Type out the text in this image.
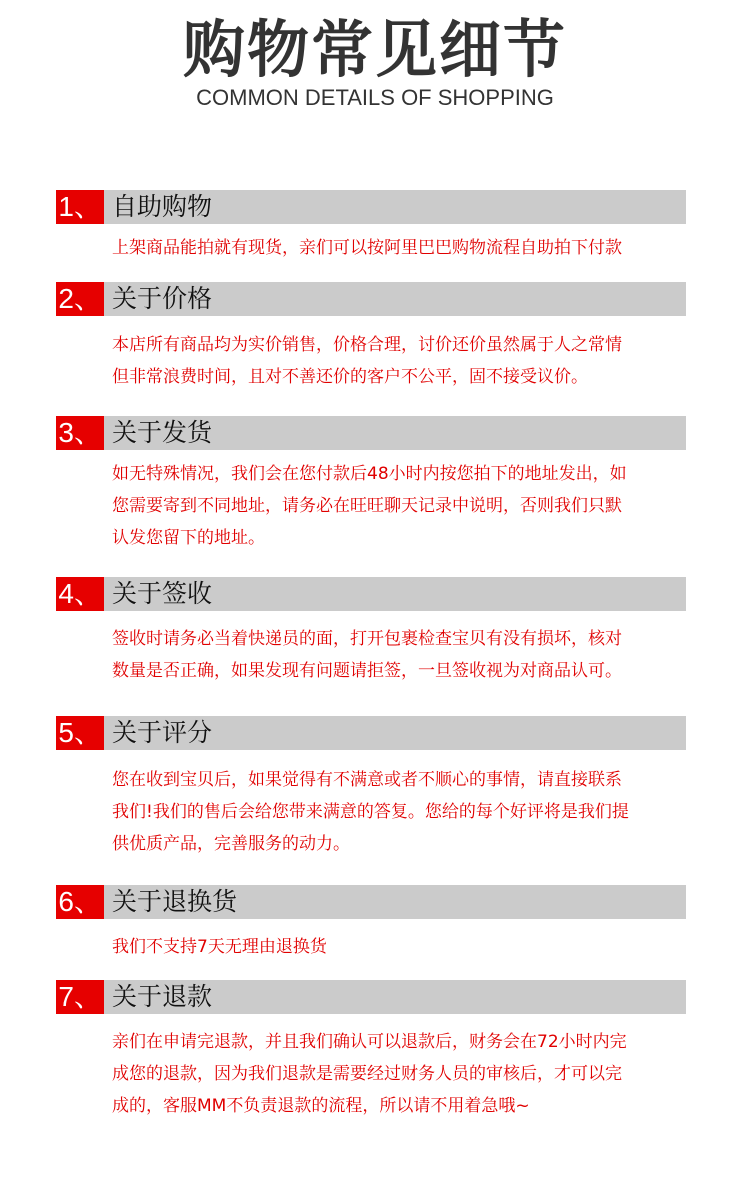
购物常见细节
COMMON DETAILS OF SHOPPING
1、 自助购物
上架商品能拍就有现货，亲们可以按阿里巴巴购物流程自助拍下付款
2、 关于价格
本店所有商品均为实价销售，价格合理，讨价还价虽然属于人之常情
但非常浪费时间，且对不善还价的客户不公平，固不接受议价。
3、 关于发货
如无特殊情况，我们会在您付款后48小时内按您拍下的地址发出，如
您需要寄到不同地址，请务必在旺旺聊天记录中说明，否则我们只默
认发您留下的地址。
4、 关于签收
签收时请务必当着快递员的面，打开包裹检查宝贝有没有损坏，核对
数量是否正确，如果发现有问题请拒签，一旦签收视为对商品认可。
5、 关于评分
您在收到宝贝后，如果觉得有不满意或者不顺心的事情，请直接联系
我们!我们的售后会给您带来满意的答复。您给的每个好评将是我们提
供优质产品，完善服务的动力。
6、 关于退换货
我们不支持7天无理由退换货
7、 关于退款
亲们在申请完退款，并且我们确认可以退款后，财务会在72小时内完
成您的退款，因为我们退款是需要经过财务人员的审核后，才可以完
成的，客服MM不负责退款的流程，所以请不用着急哦~
